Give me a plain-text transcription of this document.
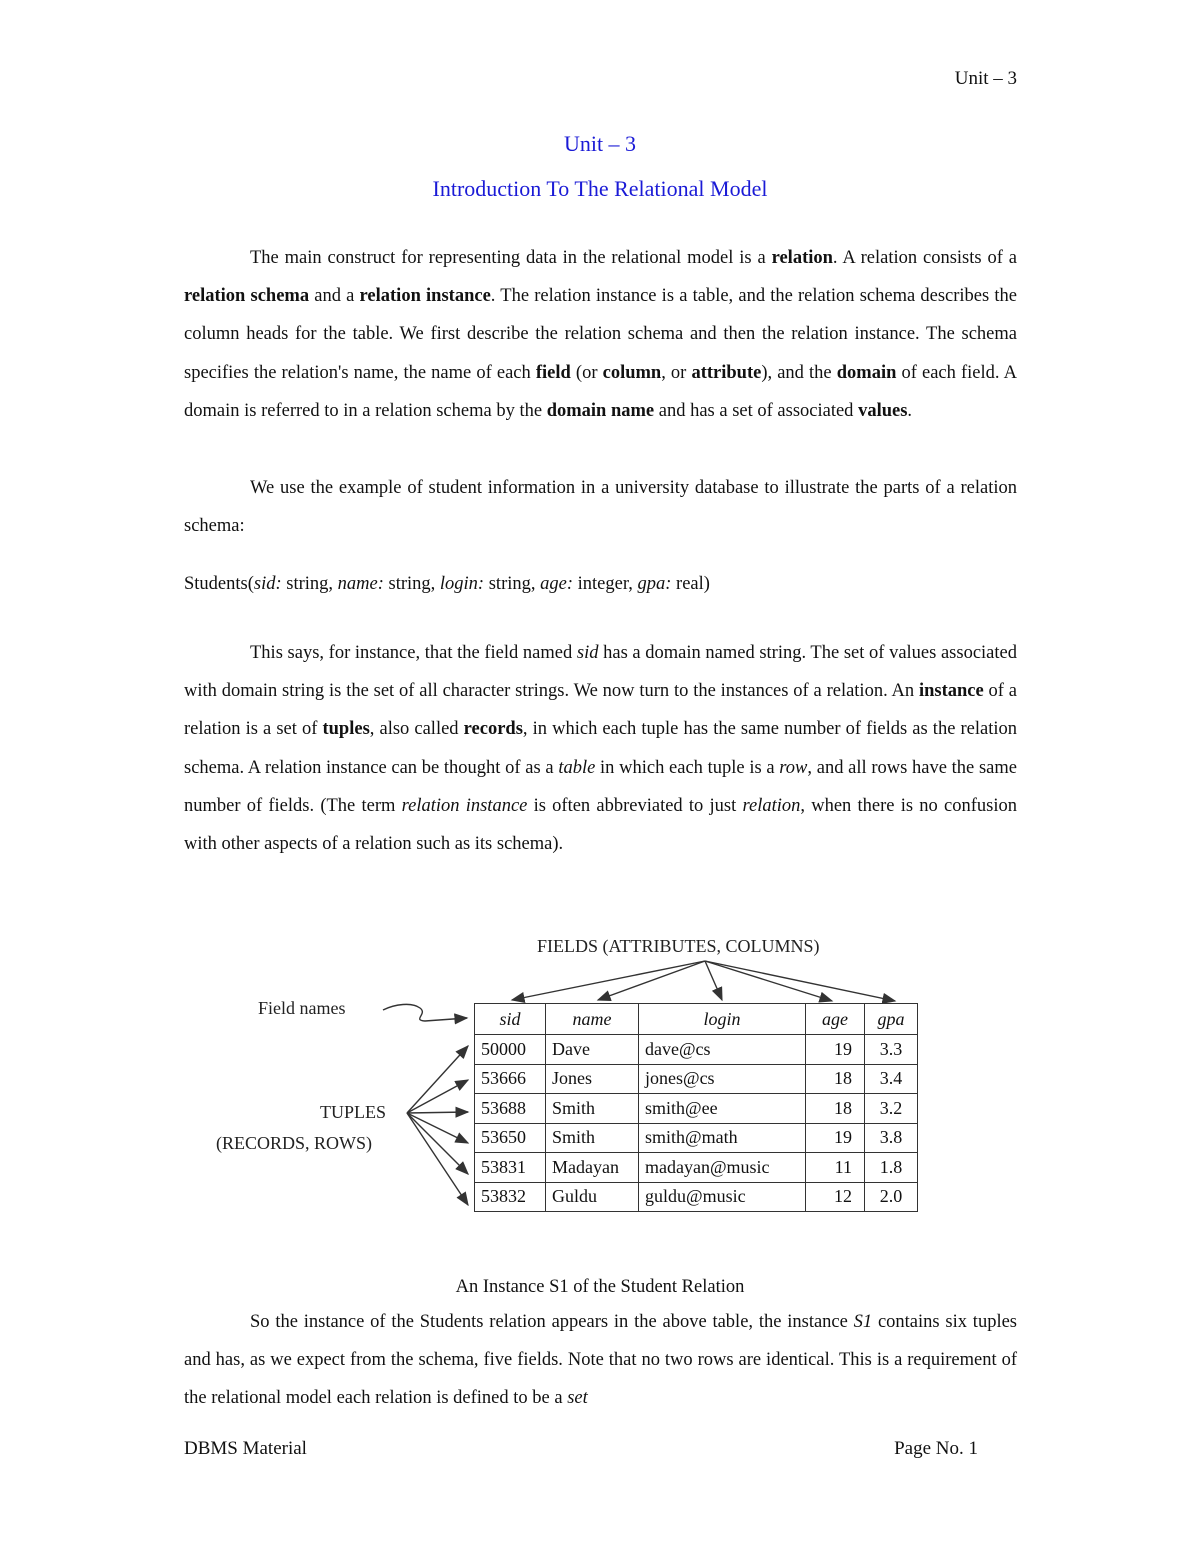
Unit – 3
Unit – 3
Introduction To The Relational Model

The main construct for representing data in the relational model is a relation. A relation consists of a relation schema and a relation instance. The relation instance is a table, and the relation schema describes the column heads for the table. We first describe the relation schema and then the relation instance. The schema specifies the relation's name, the name of each field (or column, or attribute), and the domain of each field. A domain is referred to in a relation schema by the domain name and has a set of associated values.

We use the example of student information in a university database to illustrate the parts of a relation schema:

Students(sid: string, name: string, login: string, age: integer, gpa: real)

This says, for instance, that the field named sid has a domain named string. The set of values associated with domain string is the set of all character strings. We now turn to the instances of a relation. An instance of a relation is a set of tuples, also called records, in which each tuple has the same number of fields as the relation schema. A relation instance can be thought of as a table in which each tuple is a row, and all rows have the same number of fields. (The term relation instance is often abbreviated to just relation, when there is no confusion with other aspects of a relation such as its schema).

FIELDS (ATTRIBUTES, COLUMNS)
Field names
TUPLES
(RECORDS, ROWS)
sid	name	login	age	gpa
50000	Dave	dave@cs	19	3.3
53666	Jones	jones@cs	18	3.4
53688	Smith	smith@ee	18	3.2
53650	Smith	smith@math	19	3.8
53831	Madayan	madayan@music	11	1.8
53832	Guldu	guldu@music	12	2.0
An Instance S1 of the Student Relation

So the instance of the Students relation appears in the above table, the instance S1 contains six tuples and has, as we expect from the schema, five fields. Note that no two rows are identical. This is a requirement of the relational model each relation is defined to be a set

DBMS Material	Page No. 1
